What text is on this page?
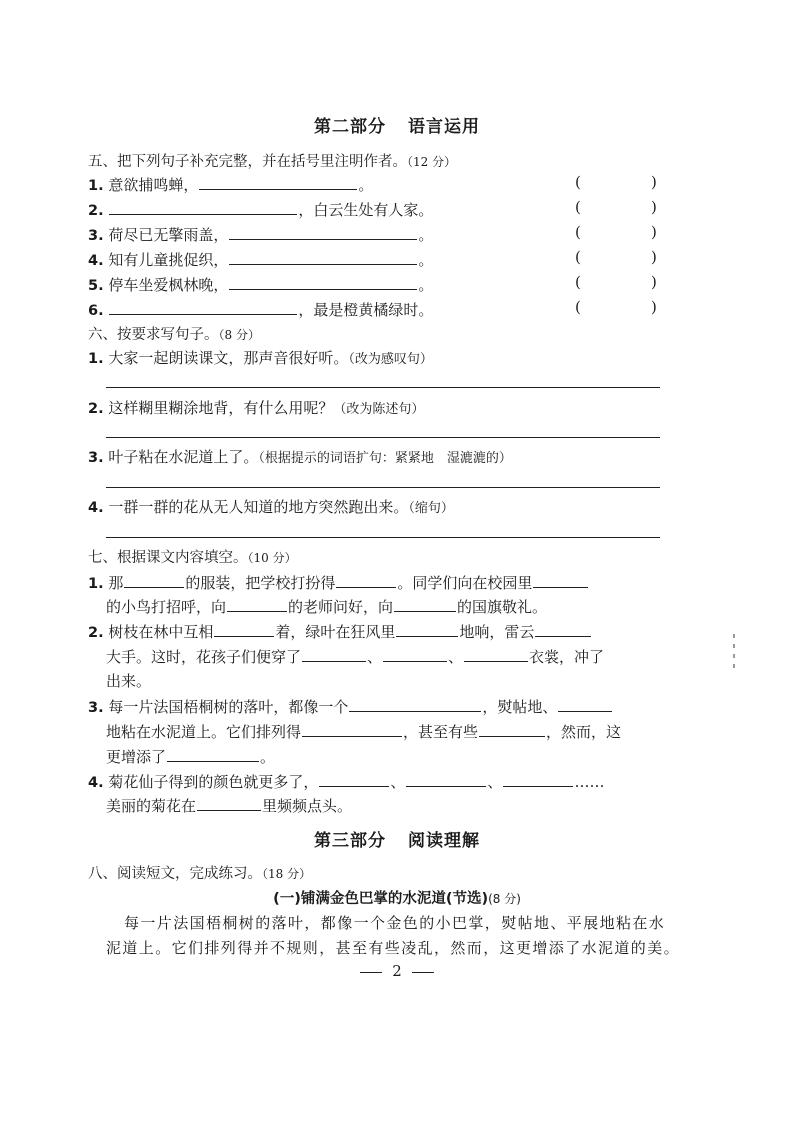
第二部分 语言运用
五、把下列句子补充完整，并在括号里注明作者。（12 分）
1. 意欲捕鸣蝉，	。	(	)
2.	，白云生处有人家。	(	)
3. 荷尽已无擎雨盖，	。	(	)
4. 知有儿童挑促织，	。	(	)
5. 停车坐爱枫林晚，	。	(	)
6.	，最是橙黄橘绿时。	(	)
六、按要求写句子。（8 分）
1. 大家一起朗读课文，那声音很好听。（改为感叹句）
2. 这样糊里糊涂地背，有什么用呢？（改为陈述句）
3. 叶子粘在水泥道上了。（根据提示的词语扩句：紧紧地　湿漉漉的）
4. 一群一群的花从无人知道的地方突然跑出来。（缩句）
七、根据课文内容填空。（10 分）
1. 那	的服装，把学校打扮得	。同学们向在校园里
的小鸟打招呼，向	的老师问好，向	的国旗敬礼。
2. 树枝在林中互相	着，绿叶在狂风里	地响，雷云
大手。这时，花孩子们便穿了	、	、	衣裳，冲了
出来。
3. 每一片法国梧桐树的落叶，都像一个	，熨帖地、
地粘在水泥道上。它们排列得	，甚至有些	，然而，这
更增添了	。
4. 菊花仙子得到的颜色就更多了，	、	、	……
美丽的菊花在	里频频点头。
第三部分 阅读理解
八、阅读短文，完成练习。（18 分）
(一)铺满金色巴掌的水泥道(节选)(8 分)
每一片法国梧桐树的落叶，都像一个金色的小巴掌，熨帖地、平展地粘在水
泥道上。它们排列得并不规则，甚至有些凌乱，然而，这更增添了水泥道的美。
2
